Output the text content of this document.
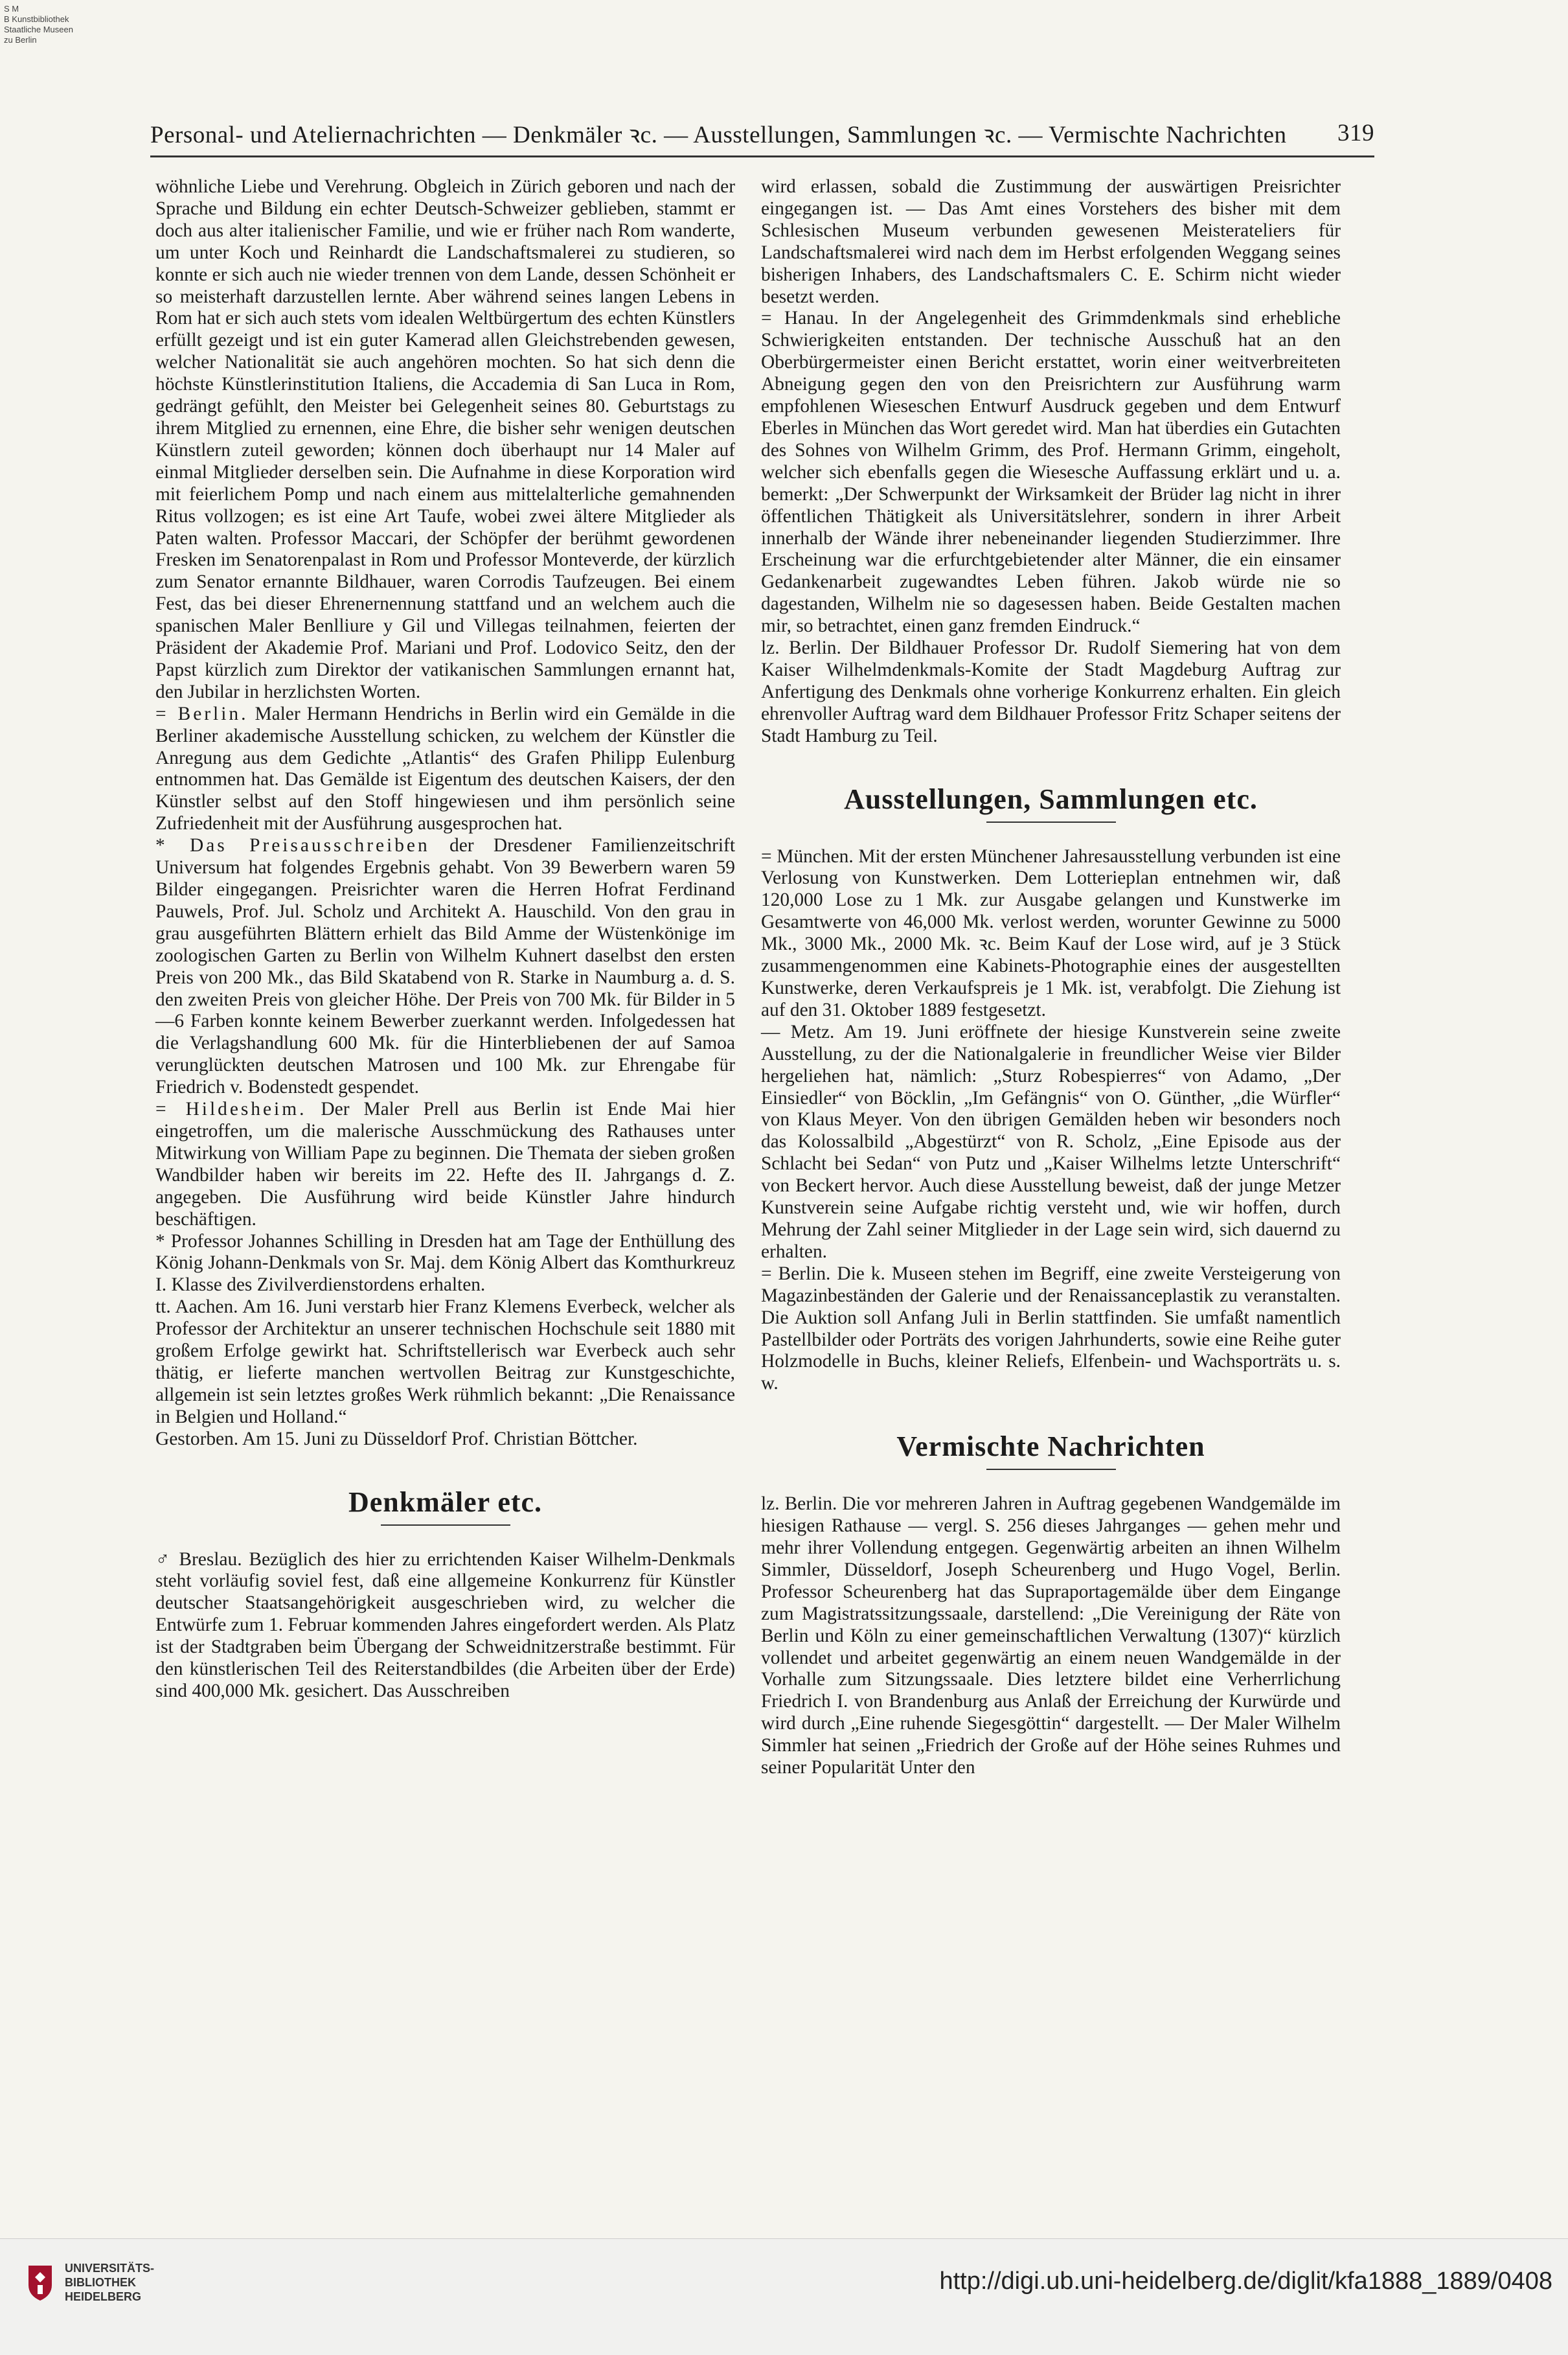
S M
B Kunstbibliothek
Staatliche Museen
zu Berlin
Personal- und Ateliernachrichten — Denkmäler ꝛc. — Ausstellungen, Sammlungen ꝛc. — Vermischte Nachrichten 319

wöhnliche Liebe und Verehrung. Obgleich in Zürich geboren und nach der Sprache und Bildung ein echter Deutsch-Schweizer geblieben, stammt er doch aus alter italienischer Familie, und wie er früher nach Rom wanderte, um unter Koch und Reinhardt die Landschaftsmalerei zu studieren, so konnte er sich auch nie wieder trennen von dem Lande, dessen Schönheit er so meisterhaft darzustellen lernte. Aber während seines langen Lebens in Rom hat er sich auch stets vom idealen Weltbürgertum des echten Künstlers erfüllt gezeigt und ist ein guter Kamerad allen Gleichstrebenden gewesen, welcher Nationalität sie auch angehören mochten. So hat sich denn die höchste Künstlerinstitution Italiens, die Accademia di San Luca in Rom, gedrängt gefühlt, den Meister bei Gelegenheit seines 80. Geburtstags zu ihrem Mitglied zu ernennen, eine Ehre, die bisher sehr wenigen deutschen Künstlern zuteil geworden; können doch überhaupt nur 14 Maler auf einmal Mitglieder derselben sein. Die Aufnahme in diese Korporation wird mit feierlichem Pomp und nach einem aus mittelalterliche gemahnenden Ritus vollzogen; es ist eine Art Taufe, wobei zwei ältere Mitglieder als Paten walten. Professor Maccari, der Schöpfer der berühmt gewordenen Fresken im Senatorenpalast in Rom und Professor Monteverde, der kürzlich zum Senator ernannte Bildhauer, waren Corrodis Taufzeugen. Bei einem Fest, das bei dieser Ehrenernennung stattfand und an welchem auch die spanischen Maler Benlliure y Gil und Villegas teilnahmen, feierten der Präsident der Akademie Prof. Mariani und Prof. Lodovico Seitz, den der Papst kürzlich zum Direktor der vatikanischen Sammlungen ernannt hat, den Jubilar in herzlichsten Worten.

= Berlin. Maler Hermann Hendrichs in Berlin wird ein Gemälde in die Berliner akademische Ausstellung schicken, zu welchem der Künstler die Anregung aus dem Gedichte „Atlantis“ des Grafen Philipp Eulenburg entnommen hat. Das Gemälde ist Eigentum des deutschen Kaisers, der den Künstler selbst auf den Stoff hingewiesen und ihm persönlich seine Zufriedenheit mit der Ausführung ausgesprochen hat.

* Das Preisausschreiben der Dresdener Familienzeitschrift Universum hat folgendes Ergebnis gehabt. Von 39 Bewerbern waren 59 Bilder eingegangen. Preisrichter waren die Herren Hofrat Ferdinand Pauwels, Prof. Jul. Scholz und Architekt A. Hauschild. Von den grau in grau ausgeführten Blättern erhielt das Bild Amme der Wüstenkönige im zoologischen Garten zu Berlin von Wilhelm Kuhnert daselbst den ersten Preis von 200 Mk., das Bild Skatabend von R. Starke in Naumburg a. d. S. den zweiten Preis von gleicher Höhe. Der Preis von 700 Mk. für Bilder in 5—6 Farben konnte keinem Bewerber zuerkannt werden. Infolgedessen hat die Verlagshandlung 600 Mk. für die Hinterbliebenen der auf Samoa verunglückten deutschen Matrosen und 100 Mk. zur Ehrengabe für Friedrich v. Bodenstedt gespendet.

= Hildesheim. Der Maler Prell aus Berlin ist Ende Mai hier eingetroffen, um die malerische Ausschmückung des Rathauses unter Mitwirkung von William Pape zu beginnen. Die Themata der sieben großen Wandbilder haben wir bereits im 22. Hefte des II. Jahrgangs d. Z. angegeben. Die Ausführung wird beide Künstler Jahre hindurch beschäftigen.

* Professor Johannes Schilling in Dresden hat am Tage der Enthüllung des König Johann-Denkmals von Sr. Maj. dem König Albert das Komthurkreuz I. Klasse des Zivilverdienstordens erhalten.

tt. Aachen. Am 16. Juni verstarb hier Franz Klemens Everbeck, welcher als Professor der Architektur an unserer technischen Hochschule seit 1880 mit großem Erfolge gewirkt hat. Schriftstellerisch war Everbeck auch sehr thätig, er lieferte manchen wertvollen Beitrag zur Kunstgeschichte, allgemein ist sein letztes großes Werk rühmlich bekannt: „Die Renaissance in Belgien und Holland.“

Gestorben. Am 15. Juni zu Düsseldorf Prof. Christian Böttcher.

Denkmäler etc.

♂ Breslau. Bezüglich des hier zu errichtenden Kaiser Wilhelm-Denkmals steht vorläufig soviel fest, daß eine allgemeine Konkurrenz für Künstler deutscher Staatsangehörigkeit ausgeschrieben wird, zu welcher die Entwürfe zum 1. Februar kommenden Jahres eingefordert werden. Als Platz ist der Stadtgraben beim Übergang der Schweidnitzerstraße bestimmt. Für den künstlerischen Teil des Reiterstandbildes (die Arbeiten über der Erde) sind 400,000 Mk. gesichert. Das Ausschreiben

wird erlassen, sobald die Zustimmung der auswärtigen Preisrichter eingegangen ist. — Das Amt eines Vorstehers des bisher mit dem Schlesischen Museum verbunden gewesenen Meisterateliers für Landschaftsmalerei wird nach dem im Herbst erfolgenden Weggang seines bisherigen Inhabers, des Landschaftsmalers C. E. Schirm nicht wieder besetzt werden.

= Hanau. In der Angelegenheit des Grimmdenkmals sind erhebliche Schwierigkeiten entstanden. Der technische Ausschuß hat an den Oberbürgermeister einen Bericht erstattet, worin einer weitverbreiteten Abneigung gegen den von den Preisrichtern zur Ausführung warm empfohlenen Wieseschen Entwurf Ausdruck gegeben und dem Entwurf Eberles in München das Wort geredet wird. Man hat überdies ein Gutachten des Sohnes von Wilhelm Grimm, des Prof. Hermann Grimm, eingeholt, welcher sich ebenfalls gegen die Wiesesche Auffassung erklärt und u. a. bemerkt: „Der Schwerpunkt der Wirksamkeit der Brüder lag nicht in ihrer öffentlichen Thätigkeit als Universitätslehrer, sondern in ihrer Arbeit innerhalb der Wände ihrer nebeneinander liegenden Studierzimmer. Ihre Erscheinung war die erfurchtgebietender alter Männer, die ein einsamer Gedankenarbeit zugewandtes Leben führen. Jakob würde nie so dagestanden, Wilhelm nie so dagesessen haben. Beide Gestalten machen mir, so betrachtet, einen ganz fremden Eindruck.“

lz. Berlin. Der Bildhauer Professor Dr. Rudolf Siemering hat von dem Kaiser Wilhelmdenkmals-Komite der Stadt Magdeburg Auftrag zur Anfertigung des Denkmals ohne vorherige Konkurrenz erhalten. Ein gleich ehrenvoller Auftrag ward dem Bildhauer Professor Fritz Schaper seitens der Stadt Hamburg zu Teil.

Ausstellungen, Sammlungen etc.

= München. Mit der ersten Münchener Jahresausstellung verbunden ist eine Verlosung von Kunstwerken. Dem Lotterieplan entnehmen wir, daß 120,000 Lose zu 1 Mk. zur Ausgabe gelangen und Kunstwerke im Gesamtwerte von 46,000 Mk. verlost werden, worunter Gewinne zu 5000 Mk., 3000 Mk., 2000 Mk. ꝛc. Beim Kauf der Lose wird, auf je 3 Stück zusammengenommen eine Kabinets-Photographie eines der ausgestellten Kunstwerke, deren Verkaufspreis je 1 Mk. ist, verabfolgt. Die Ziehung ist auf den 31. Oktober 1889 festgesetzt.

— Metz. Am 19. Juni eröffnete der hiesige Kunstverein seine zweite Ausstellung, zu der die Nationalgalerie in freundlicher Weise vier Bilder hergeliehen hat, nämlich: „Sturz Robespierres“ von Adamo, „Der Einsiedler“ von Böcklin, „Im Gefängnis“ von O. Günther, „die Würfler“ von Klaus Meyer. Von den übrigen Gemälden heben wir besonders noch das Kolossalbild „Abgestürzt“ von R. Scholz, „Eine Episode aus der Schlacht bei Sedan“ von Putz und „Kaiser Wilhelms letzte Unterschrift“ von Beckert hervor. Auch diese Ausstellung beweist, daß der junge Metzer Kunstverein seine Aufgabe richtig versteht und, wie wir hoffen, durch Mehrung der Zahl seiner Mitglieder in der Lage sein wird, sich dauernd zu erhalten.

= Berlin. Die k. Museen stehen im Begriff, eine zweite Versteigerung von Magazinbeständen der Galerie und der Renaissanceplastik zu veranstalten. Die Auktion soll Anfang Juli in Berlin stattfinden. Sie umfaßt namentlich Pastellbilder oder Porträts des vorigen Jahrhunderts, sowie eine Reihe guter Holzmodelle in Buchs, kleiner Reliefs, Elfenbein- und Wachsporträts u. s. w.

Vermischte Nachrichten

lz. Berlin. Die vor mehreren Jahren in Auftrag gegebenen Wandgemälde im hiesigen Rathause — vergl. S. 256 dieses Jahrganges — gehen mehr und mehr ihrer Vollendung entgegen. Gegenwärtig arbeiten an ihnen Wilhelm Simmler, Düsseldorf, Joseph Scheurenberg und Hugo Vogel, Berlin. Professor Scheurenberg hat das Supraportagemälde über dem Eingange zum Magistratssitzungssaale, darstellend: „Die Vereinigung der Räte von Berlin und Köln zu einer gemeinschaftlichen Verwaltung (1307)“ kürzlich vollendet und arbeitet gegenwärtig an einem neuen Wandgemälde in der Vorhalle zum Sitzungssaale. Dies letztere bildet eine Verherrlichung Friedrich I. von Brandenburg aus Anlaß der Erreichung der Kurwürde und wird durch „Eine ruhende Siegesgöttin“ dargestellt. — Der Maler Wilhelm Simmler hat seinen „Friedrich der Große auf der Höhe seines Ruhmes und seiner Popularität Unter den

UNIVERSITÄTS-
BIBLIOTHEK
HEIDELBERG
http://digi.ub.uni-heidelberg.de/diglit/kfa1888_1889/0408
